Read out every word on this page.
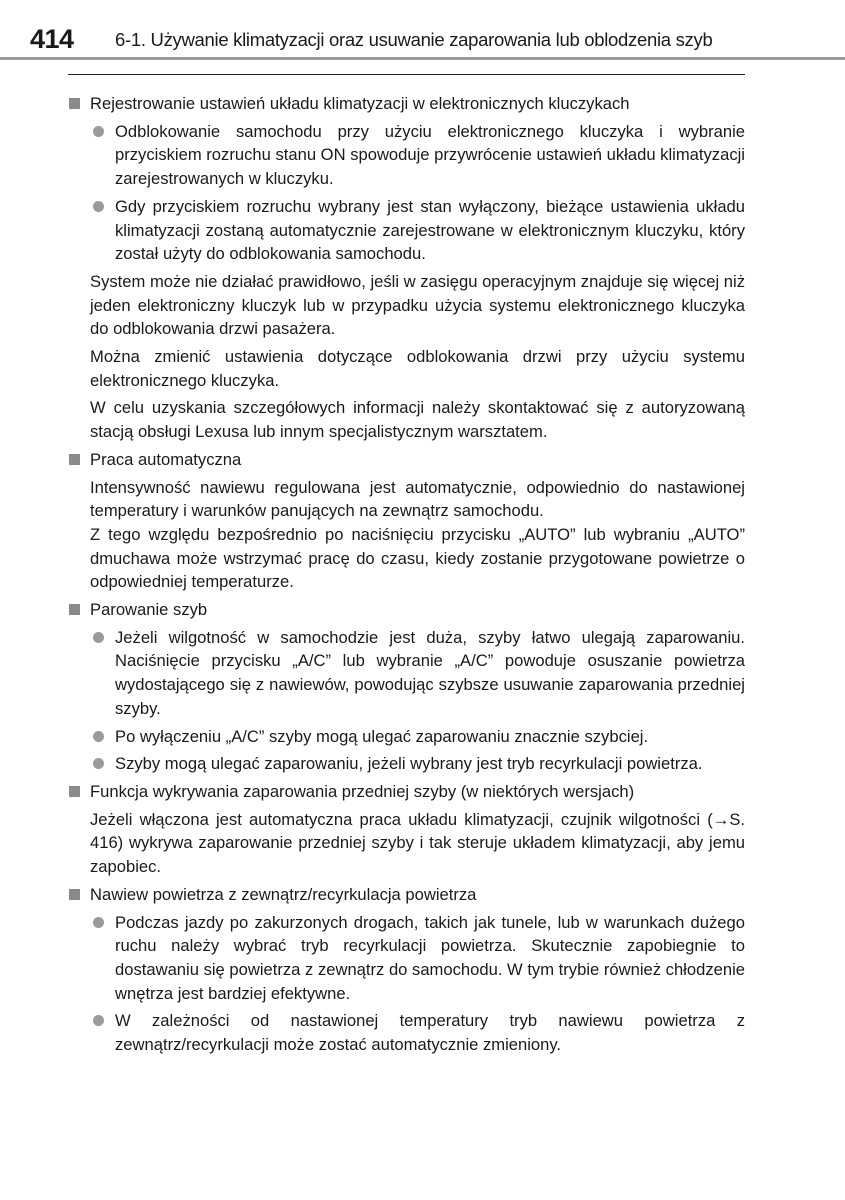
414 6-1. Używanie klimatyzacji oraz usuwanie zaparowania lub oblodzenia szyb
Rejestrowanie ustawień układu klimatyzacji w elektronicznych kluczykach
Odblokowanie samochodu przy użyciu elektronicznego kluczyka i wybranie przyciskiem rozruchu stanu ON spowoduje przywrócenie ustawień układu klimatyzacji zarejestrowanych w kluczyku.
Gdy przyciskiem rozruchu wybrany jest stan wyłączony, bieżące ustawienia układu klimatyzacji zostaną automatycznie zarejestrowane w elektronicznym kluczyku, który został użyty do odblokowania samochodu.
System może nie działać prawidłowo, jeśli w zasięgu operacyjnym znajduje się więcej niż jeden elektroniczny kluczyk lub w przypadku użycia systemu elektronicznego kluczyka do odblokowania drzwi pasażera.
Można zmienić ustawienia dotyczące odblokowania drzwi przy użyciu systemu elektronicznego kluczyka.
W celu uzyskania szczegółowych informacji należy skontaktować się z autoryzowaną stacją obsługi Lexusa lub innym specjalistycznym warsztatem.
Praca automatyczna
Intensywność nawiewu regulowana jest automatycznie, odpowiednio do nastawionej temperatury i warunków panujących na zewnątrz samochodu.
Z tego względu bezpośrednio po naciśnięciu przycisku „AUTO” lub wybraniu „AUTO” dmuchawa może wstrzymać pracę do czasu, kiedy zostanie przygotowane powietrze o odpowiedniej temperaturze.
Parowanie szyb
Jeżeli wilgotność w samochodzie jest duża, szyby łatwo ulegają zaparowaniu. Naciśnięcie przycisku „A/C” lub wybranie „A/C” powoduje osuszanie powietrza wydostającego się z nawiewów, powodując szybsze usuwanie zaparowania przedniej szyby.
Po wyłączeniu „A/C” szyby mogą ulegać zaparowaniu znacznie szybciej.
Szyby mogą ulegać zaparowaniu, jeżeli wybrany jest tryb recyrkulacji powietrza.
Funkcja wykrywania zaparowania przedniej szyby (w niektórych wersjach)
Jeżeli włączona jest automatyczna praca układu klimatyzacji, czujnik wilgotności (→S. 416) wykrywa zaparowanie przedniej szyby i tak steruje układem klimatyzacji, aby jemu zapobiec.
Nawiew powietrza z zewnątrz/recyrkulacja powietrza
Podczas jazdy po zakurzonych drogach, takich jak tunele, lub w warunkach dużego ruchu należy wybrać tryb recyrkulacji powietrza. Skutecznie zapobiegnie to dostawaniu się powietrza z zewnątrz do samochodu. W tym trybie również chłodzenie wnętrza jest bardziej efektywne.
W zależności od nastawionej temperatury tryb nawiewu powietrza z zewnątrz/recyrkulacji może zostać automatycznie zmieniony.
